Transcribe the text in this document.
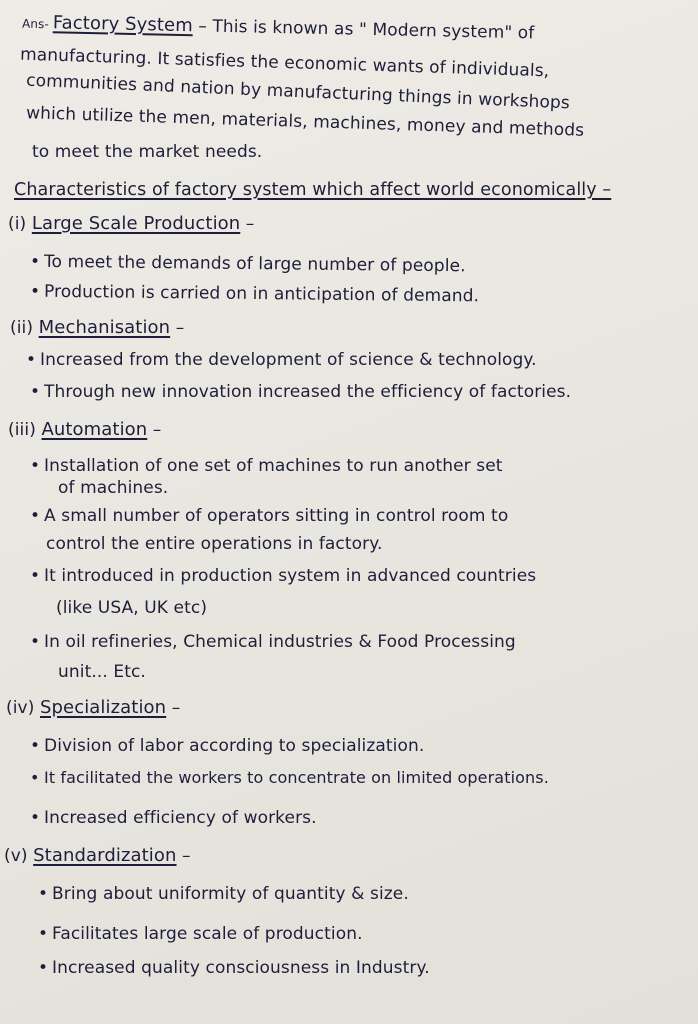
Ans- Factory System – This is known as " Modern system" of
manufacturing. It satisfies the economic wants of individuals,
communities and nation by manufacturing things in workshops
which utilize the men, materials, machines, money and methods
to meet the market needs.
Characteristics of factory system which affect world economically –
(i) Large Scale Production –
• To meet the demands of large number of people.
• Production is carried on in anticipation of demand.
(ii) Mechanisation –
• Increased from the development of science & technology.
• Through new innovation increased the efficiency of factories.
(iii) Automation –
• Installation of one set of machines to run another set
of machines.
• A small number of operators sitting in control room to
control the entire operations in factory.
• It introduced in production system in advanced countries
(like USA, UK etc)
• In oil refineries, Chemical industries & Food Processing
unit... Etc.
(iv) Specialization –
• Division of labor according to specialization.
• It facilitated the workers to concentrate on limited operations.
• Increased efficiency of workers.
(v) Standardization –
• Bring about uniformity of quantity & size.
• Facilitates large scale of production.
• Increased quality consciousness in Industry.
